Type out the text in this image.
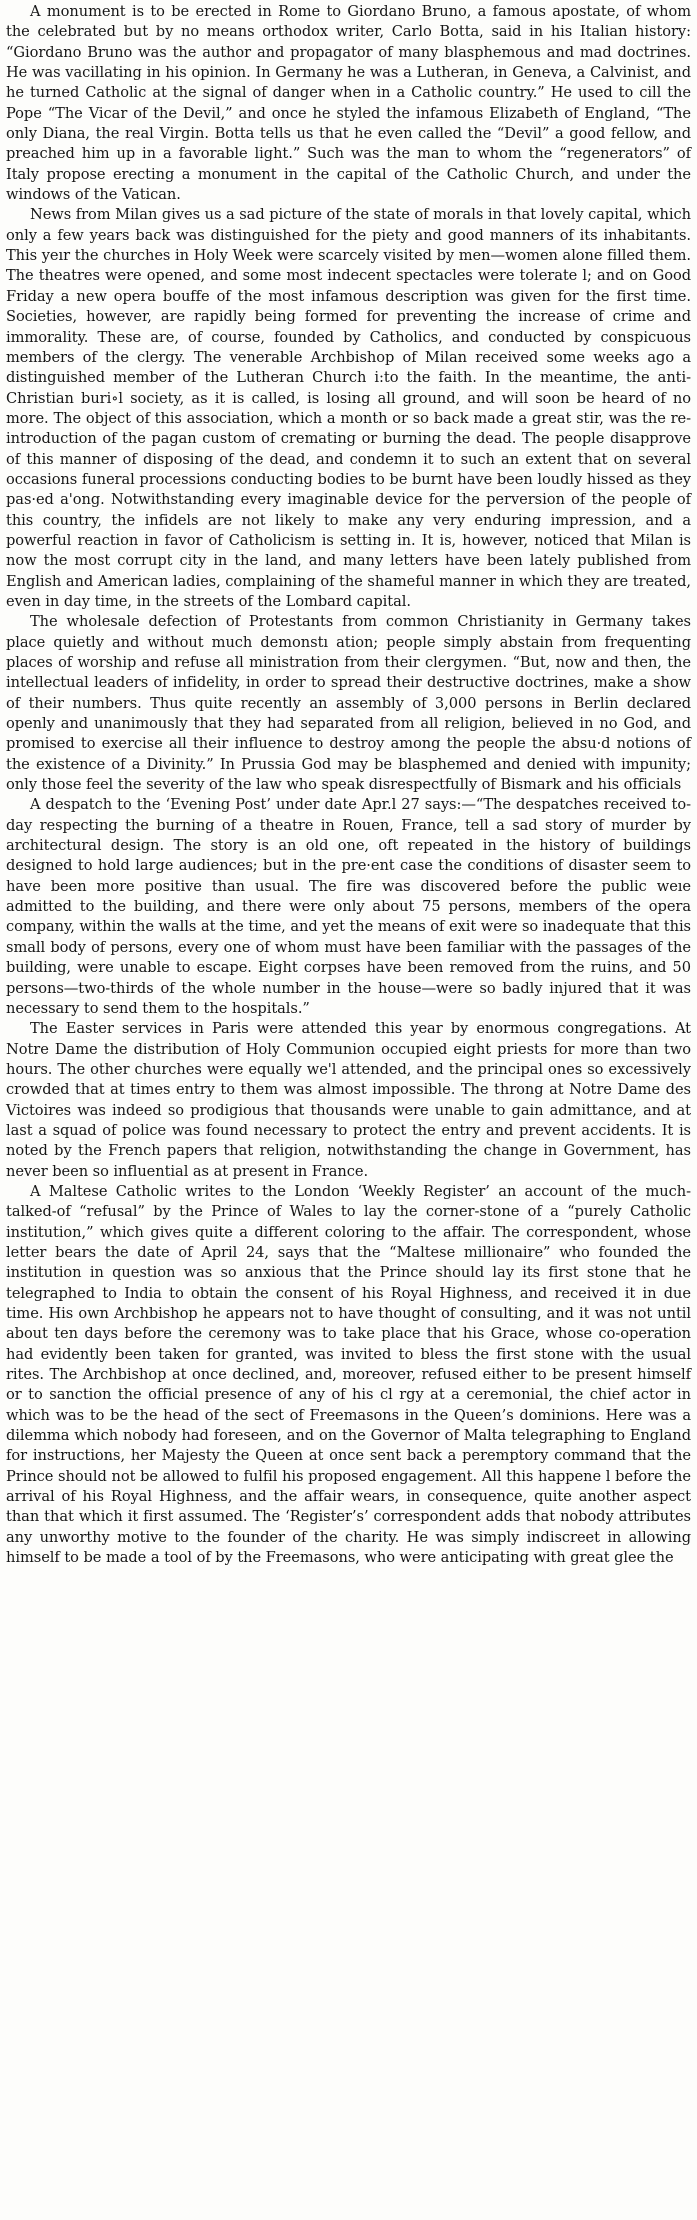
A monument is to be erected in Rome to Giordano Bruno, a famous apostate, of whom the celebrated but by no means orthodox writer, Carlo Botta, said in his Italian history: “Giordano Bruno was the author and propagator of many blasphemous and mad doctrines. He was vacillating in his opinion. In Germany he was a Lutheran, in Geneva, a Calvinist, and he turned Catholic at the signal of danger when in a Catholic country.” He used to cill the Pope “The Vicar of the Devil,” and once he styled the infamous Elizabeth of England, “The only Diana, the real Virgin. Botta tells us that he even called the “Devil” a good fellow, and preached him up in a favorable light.” Such was the man to whom the “regenerators” of Italy propose erecting a monument in the capital of the Catholic Church, and under the windows of the Vatican.

News from Milan gives us a sad picture of the state of morals in that lovely capital, which only a few years back was distinguished for the piety and good manners of its inhabitants. This yeır the churches in Holy Week were scarcely visited by men—women alone filled them. The theatres were opened, and some most indecent spectacles were tolerate l; and on Good Friday a new opera bouffe of the most infamous description was given for the first time. Societies, however, are rapidly being formed for preventing the increase of crime and immorality. These are, of course, founded by Catholics, and conducted by conspicuous members of the clergy. The venerable Archbishop of Milan received some weeks ago a distinguished member of the Lutheran Church i:to the faith. In the meantime, the anti-Christian buri∘l society, as it is called, is losing all ground, and will soon be heard of no more. The object of this association, which a month or so back made a great stir, was the re-introduction of the pagan custom of cremating or burning the dead. The people disapprove of this manner of disposing of the dead, and condemn it to such an extent that on several occasions funeral processions conducting bodies to be burnt have been loudly hissed as they pas·ed a'ong. Notwithstanding every imaginable device for the perversion of the people of this country, the infidels are not likely to make any very enduring impression, and a powerful reaction in favor of Catholicism is setting in. It is, however, noticed that Milan is now the most corrupt city in the land, and many letters have been lately published from English and American ladies, complaining of the shameful manner in which they are treated, even in day time, in the streets of the Lombard capital.

The wholesale defection of Protestants from common Christianity in Germany takes place quietly and without much demonstı ation; people simply abstain from frequenting places of worship and refuse all ministration from their clergymen. “But, now and then, the intellectual leaders of infidelity, in order to spread their destructive doctrines, make a show of their numbers. Thus quite recently an assembly of 3,000 persons in Berlin declared openly and unanimously that they had separated from all religion, believed in no God, and promised to exercise all their influence to destroy among the people the absu·d notions of the existence of a Divinity.” In Prussia God may be blasphemed and denied with impunity; only those feel the severity of the law who speak disrespectfully of Bismark and his officials

A despatch to the ‘Evening Post’ under date Apr.l 27 says:—“The despatches received to-day respecting the burning of a theatre in Rouen, France, tell a sad story of murder by architectural design. The story is an old one, oft repeated in the history of buildings designed to hold large audiences; but in the pre·ent case the conditions of disaster seem to have been more positive than usual. The fire was discovered before the public weıe admitted to the building, and there were only about 75 persons, members of the opera company, within the walls at the time, and yet the means of exit were so inadequate that this small body of persons, every one of whom must have been familiar with the passages of the building, were unable to escape. Eight corpses have been removed from the ruins, and 50 persons—two-thirds of the whole number in the house—were so badly injured that it was necessary to send them to the hospitals.”

The Easter services in Paris were attended this year by enormous congregations. At Notre Dame the distribution of Holy Communion occupied eight priests for more than two hours. The other churches were equally we'l attended, and the principal ones so excessively crowded that at times entry to them was almost impossible. The throng at Notre Dame des Victoires was indeed so prodigious that thousands were unable to gain admittance, and at last a squad of police was found necessary to protect the entry and prevent accidents. It is noted by the French papers that religion, notwithstanding the change in Government, has never been so influential as at present in France.

A Maltese Catholic writes to the London ‘Weekly Register’ an account of the much-talked-of “refusal” by the Prince of Wales to lay the corner-stone of a “purely Catholic institution,” which gives quite a different coloring to the affair. The correspondent, whose letter bears the date of April 24, says that the “Maltese millionaire” who founded the institution in question was so anxious that the Prince should lay its first stone that he telegraphed to India to obtain the consent of his Royal Highness, and received it in due time. His own Archbishop he appears not to have thought of consulting, and it was not until about ten days before the ceremony was to take place that his Grace, whose co-operation had evidently been taken for granted, was invited to bless the first stone with the usual rites. The Archbishop at once declined, and, moreover, refused either to be present himself or to sanction the official presence of any of his cl rgy at a ceremonial, the chief actor in which was to be the head of the sect of Freemasons in the Queen’s dominions. Here was a dilemma which nobody had foreseen, and on the Governor of Malta telegraphing to England for instructions, her Majesty the Queen at once sent back a peremptory command that the Prince should not be allowed to fulfil his proposed engagement. All this happene l before the arrival of his Royal Highness, and the affair wears, in consequence, quite another aspect than that which it first assumed. The ‘Register’s’ correspondent adds that nobody attributes any unworthy motive to the founder of the charity. He was simply indiscreet in allowing himself to be made a tool of by the Freemasons, who were anticipating with great glee the
